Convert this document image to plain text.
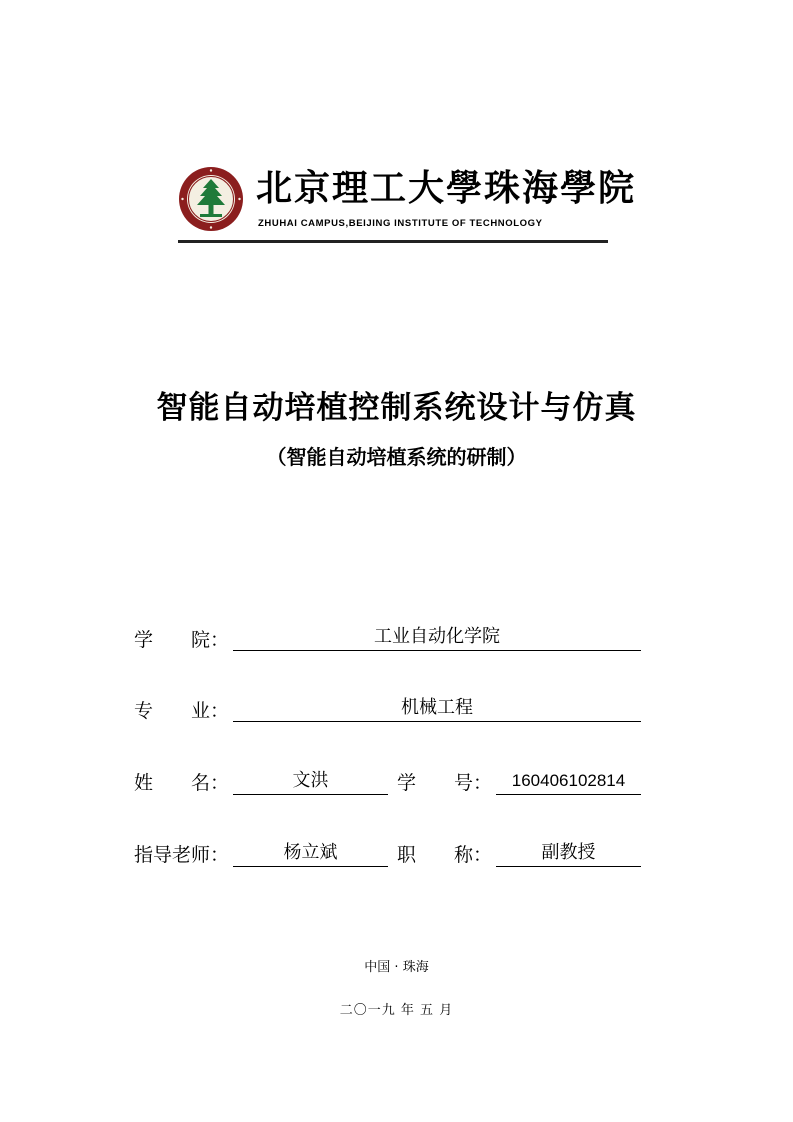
北京理工大學珠海學院
ZHUHAI CAMPUS,BEIJING INSTITUTE OF TECHNOLOGY
智能自动培植控制系统设计与仿真
（智能自动培植系统的研制）
学　　院：	工业自动化学院
专　　业：	机械工程
姓　　名：	文洪	学　　号：	160406102814
指导老师：	杨立斌	职　　称：	副教授
中国 · 珠海
二〇一九 年 五 月
